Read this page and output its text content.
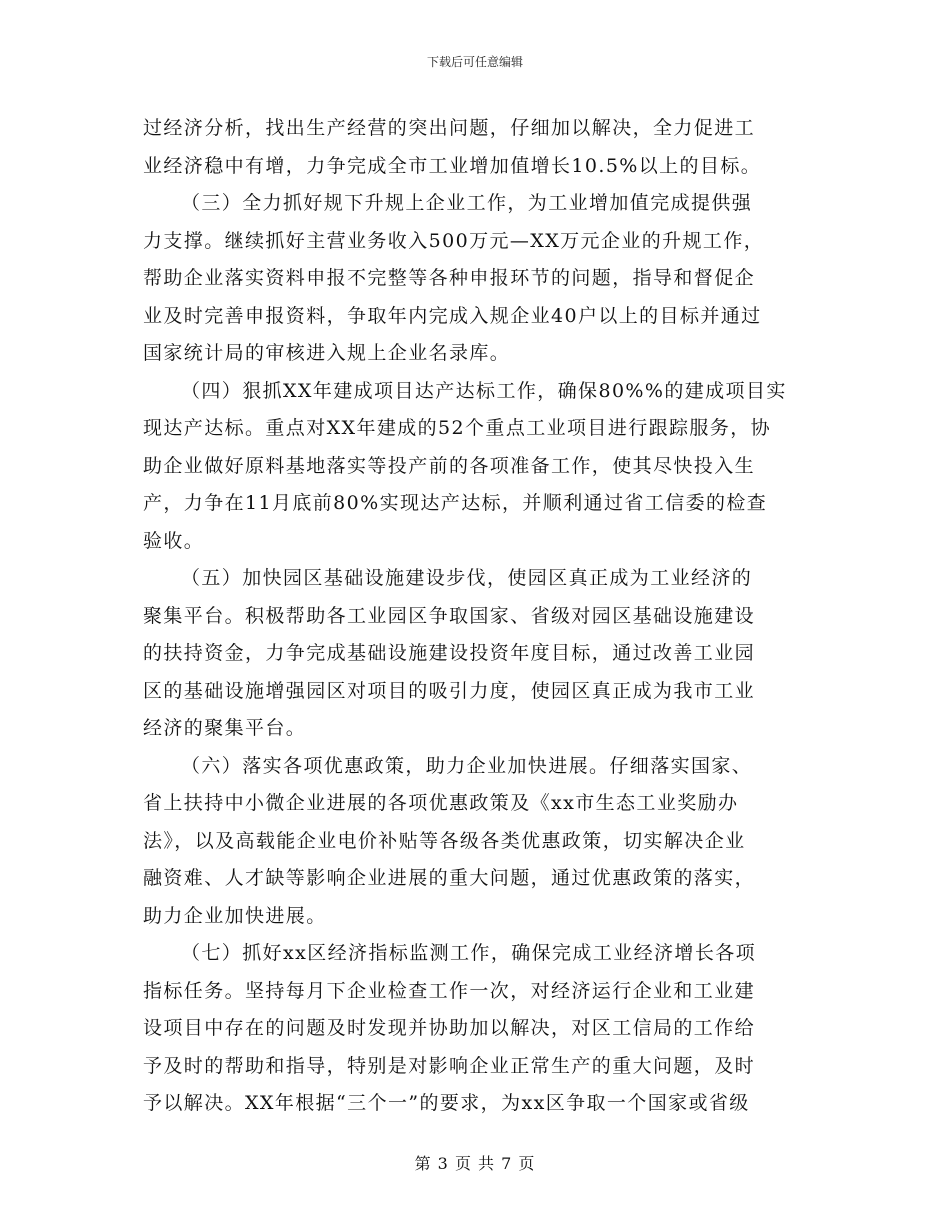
下载后可任意编辑
过经济分析，找出生产经营的突出问题，仔细加以解决，全力促进工
业经济稳中有增，力争完成全市工业增加值增长10.5%以上的目标。
（三）全力抓好规下升规上企业工作，为工业增加值完成提供强
力支撑。继续抓好主营业务收入500万元—XX万元企业的升规工作，
帮助企业落实资料申报不完整等各种申报环节的问题，指导和督促企
业及时完善申报资料，争取年内完成入规企业40户以上的目标并通过
国家统计局的审核进入规上企业名录库。
（四）狠抓XX年建成项目达产达标工作，确保80%%的建成项目实
现达产达标。重点对XX年建成的52个重点工业项目进行跟踪服务，协
助企业做好原料基地落实等投产前的各项准备工作，使其尽快投入生
产，力争在11月底前80%实现达产达标，并顺利通过省工信委的检查
验收。
（五）加快园区基础设施建设步伐，使园区真正成为工业经济的
聚集平台。积极帮助各工业园区争取国家、省级对园区基础设施建设
的扶持资金，力争完成基础设施建设投资年度目标，通过改善工业园
区的基础设施增强园区对项目的吸引力度，使园区真正成为我市工业
经济的聚集平台。
（六）落实各项优惠政策，助力企业加快进展。仔细落实国家、
省上扶持中小微企业进展的各项优惠政策及《xx市生态工业奖励办
法》，以及高载能企业电价补贴等各级各类优惠政策，切实解决企业
融资难、人才缺等影响企业进展的重大问题，通过优惠政策的落实，
助力企业加快进展。
（七）抓好xx区经济指标监测工作，确保完成工业经济增长各项
指标任务。坚持每月下企业检查工作一次，对经济运行企业和工业建
设项目中存在的问题及时发现并协助加以解决，对区工信局的工作给
予及时的帮助和指导，特别是对影响企业正常生产的重大问题，及时
予以解决。XX年根据“三个一”的要求，为xx区争取一个国家或省级
第 3 页 共 7 页
